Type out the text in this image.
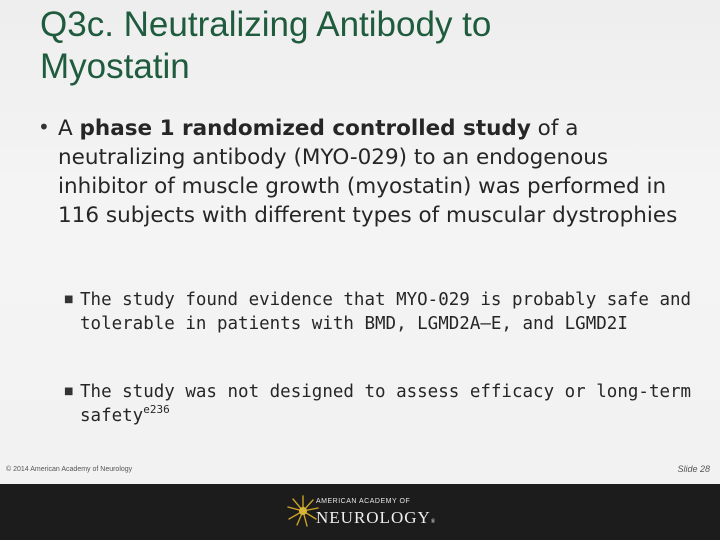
Q3c. Neutralizing Antibody to
Myostatin
• A phase 1 randomized controlled study of a neutralizing antibody (MYO-029) to an endogenous inhibitor of muscle growth (myostatin) was performed in 116 subjects with different types of muscular dystrophies
■ The study found evidence that MYO-029 is probably safe and tolerable in patients with BMD, LGMD2A–E, and LGMD2I
■ The study was not designed to assess efficacy or long-term safety$^{e236}$
© 2014 American Academy of Neurology	Slide 28
AMERICAN ACADEMY OF
NEUROLOGY®
